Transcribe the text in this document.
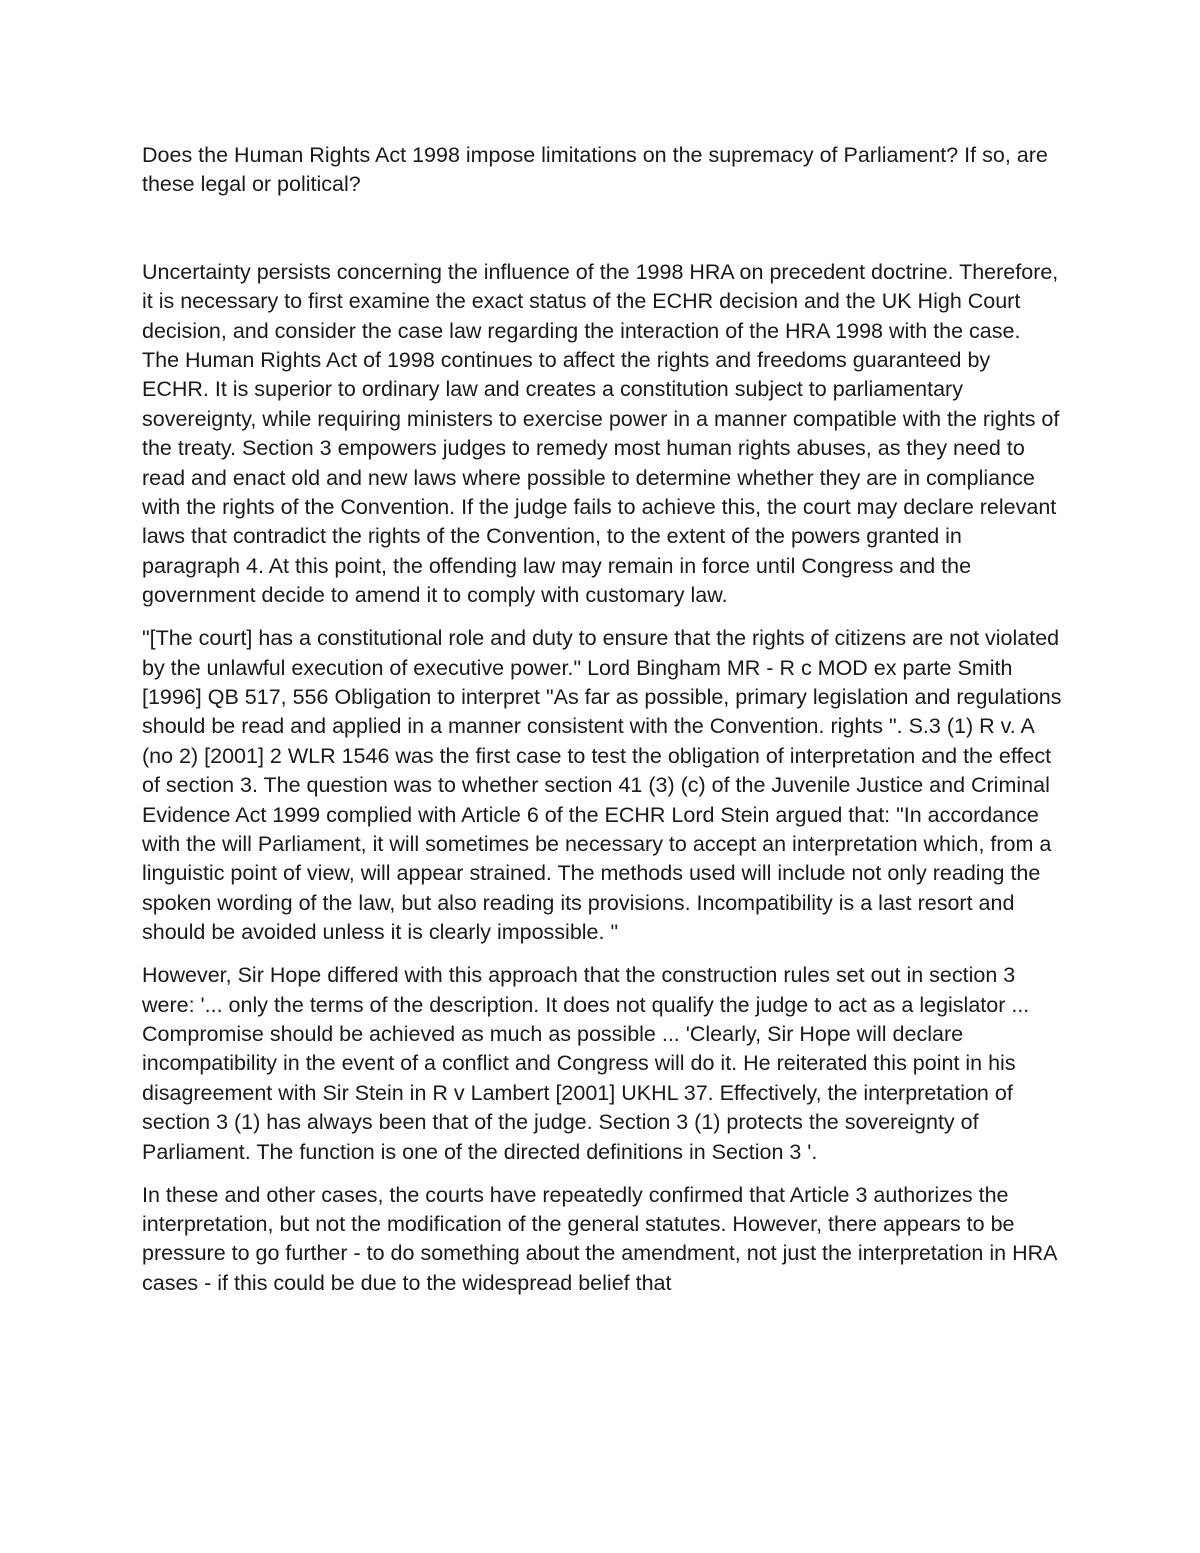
Does the Human Rights Act 1998 impose limitations on the supremacy of Parliament? If so, are these legal or political?

Uncertainty persists concerning the influence of the 1998 HRA on precedent doctrine. Therefore, it is necessary to first examine the exact status of the ECHR decision and the UK High Court decision, and consider the case law regarding the interaction of the HRA 1998 with the case. The Human Rights Act of 1998 continues to affect the rights and freedoms guaranteed by ECHR. It is superior to ordinary law and creates a constitution subject to parliamentary sovereignty, while requiring ministers to exercise power in a manner compatible with the rights of the treaty. Section 3 empowers judges to remedy most human rights abuses, as they need to read and enact old and new laws where possible to determine whether they are in compliance with the rights of the Convention. If the judge fails to achieve this, the court may declare relevant laws that contradict the rights of the Convention, to the extent of the powers granted in paragraph 4. At this point, the offending law may remain in force until Congress and the government decide to amend it to comply with customary law.

"[The court] has a constitutional role and duty to ensure that the rights of citizens are not violated by the unlawful execution of executive power." Lord Bingham MR - R c MOD ex parte Smith [1996] QB 517, 556 Obligation to interpret "As far as possible, primary legislation and regulations should be read and applied in a manner consistent with the Convention. rights ". S.3 (1) R v. A (no 2) [2001] 2 WLR 1546 was the first case to test the obligation of interpretation and the effect of section 3. The question was to whether section 41 (3) (c) of the Juvenile Justice and Criminal Evidence Act 1999 complied with Article 6 of the ECHR Lord Stein argued that: "In accordance with the will Parliament, it will sometimes be necessary to accept an interpretation which, from a linguistic point of view, will appear strained. The methods used will include not only reading the spoken wording of the law, but also reading its provisions. Incompatibility is a last resort and should be avoided unless it is clearly impossible. "

However, Sir Hope differed with this approach that the construction rules set out in section 3 were: '... only the terms of the description. It does not qualify the judge to act as a legislator ... Compromise should be achieved as much as possible ... 'Clearly, Sir Hope will declare incompatibility in the event of a conflict and Congress will do it. He reiterated this point in his disagreement with Sir Stein in R v Lambert [2001] UKHL 37. Effectively, the interpretation of section 3 (1) has always been that of the judge. Section 3 (1) protects the sovereignty of Parliament. The function is one of the directed definitions in Section 3 '.

In these and other cases, the courts have repeatedly confirmed that Article 3 authorizes the interpretation, but not the modification of the general statutes. However, there appears to be pressure to go further - to do something about the amendment, not just the interpretation in HRA cases - if this could be due to the widespread belief that
